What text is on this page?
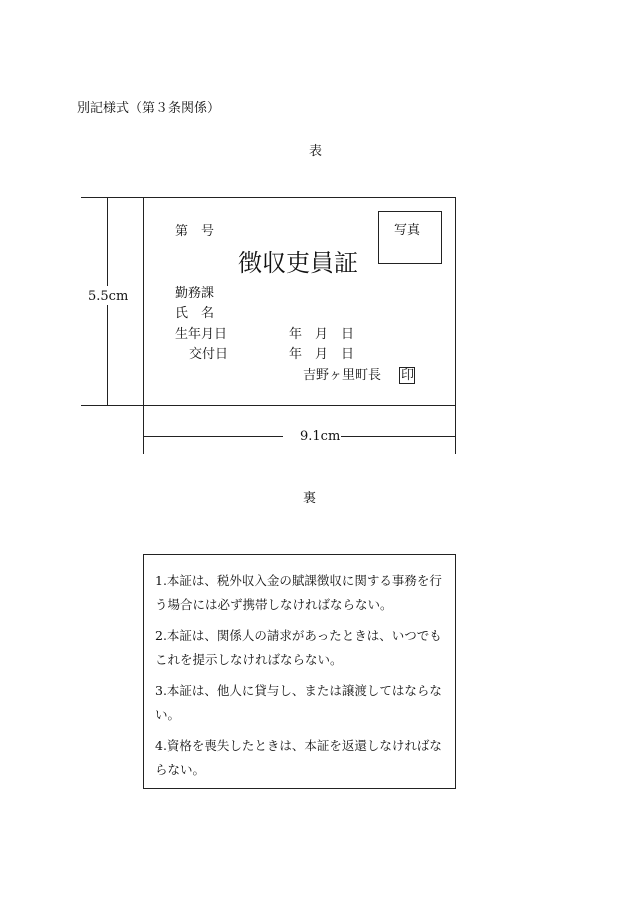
別記様式（第３条関係）
表
5.5cm
第　号	写真
徴収吏員証
勤務課
氏　名
生年月日	年　月　日
交付日	年　月　日
吉野ヶ里町長 印
9.1cm
裏
1.本証は、税外収入金の賦課徴収に関する事務を行う場合には必ず携帯しなければならない。
2.本証は、関係人の請求があったときは、いつでもこれを提示しなければならない。
3.本証は、他人に貸与し、または譲渡してはならない。
4.資格を喪失したときは、本証を返還しなければならない。
